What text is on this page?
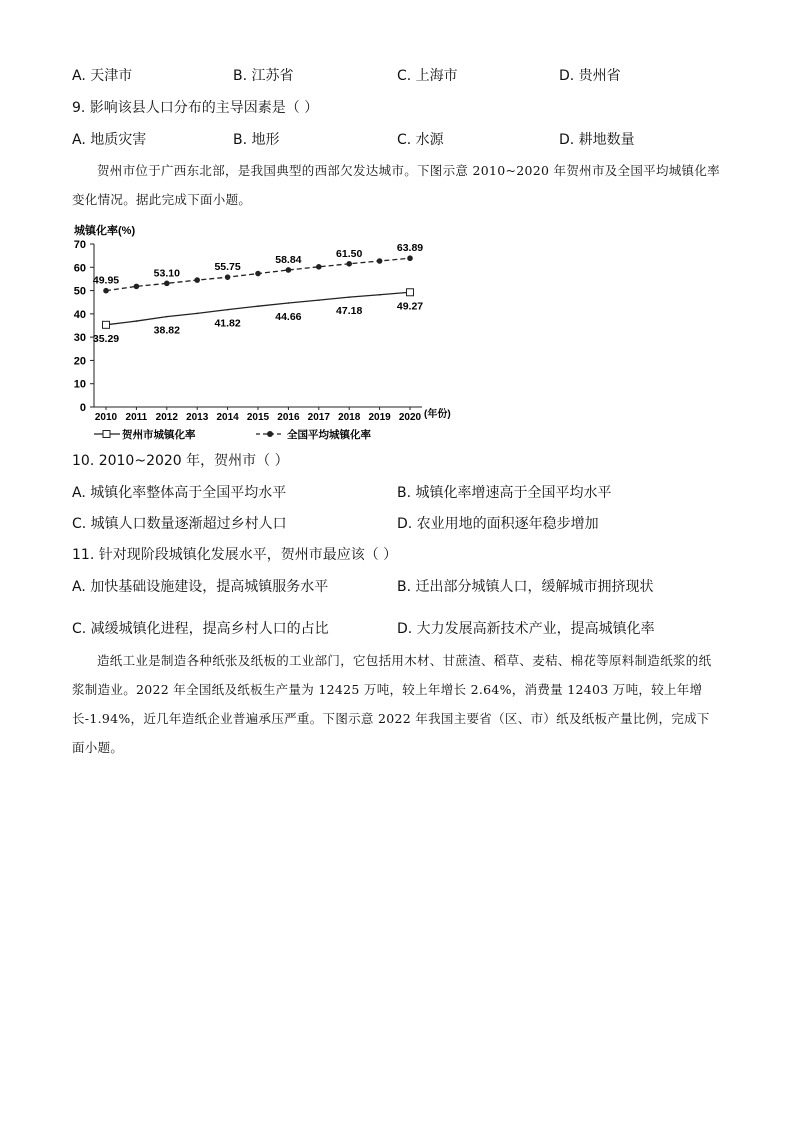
A. 天津市	B. 江苏省	C. 上海市	D. 贵州省
9. 影响该县人口分布的主导因素是（ ）
A. 地质灾害	B. 地形	C. 水源	D. 耕地数量
贺州市位于广西东北部，是我国典型的西部欠发达城市。下图示意 2010~2020 年贺州市及全国平均城镇化率变化情况。据此完成下面小题。
城镇化率(%)
0
10
20
30
40
50
60
70
2010 2011 2012 2013 2014 2015 2016 2017 2018 2019 2020 (年份)
35.29
38.82
41.82
44.66	47.18	49.27
49.95
53.10
55.75
58.84
61.50	63.89
贺州市城镇化率	全国平均城镇化率
10. 2010~2020 年，贺州市（ ）
A. 城镇化率整体高于全国平均水平	B. 城镇化率增速高于全国平均水平
C. 城镇人口数量逐渐超过乡村人口	D. 农业用地的面积逐年稳步增加
11. 针对现阶段城镇化发展水平，贺州市最应该（ ）
A. 加快基础设施建设，提高城镇服务水平	B. 迁出部分城镇人口，缓解城市拥挤现状
C. 减缓城镇化进程，提高乡村人口的占比	D. 大力发展高新技术产业，提高城镇化率
造纸工业是制造各种纸张及纸板的工业部门，它包括用木材、甘蔗渣、稻草、麦秸、棉花等原料制造纸浆的纸浆制造业。2022 年全国纸及纸板生产量为 12425 万吨，较上年增长 2.64%，消费量 12403 万吨，较上年增长-1.94%，近几年造纸企业普遍承压严重。下图示意 2022 年我国主要省（区、市）纸及纸板产量比例，完成下面小题。
